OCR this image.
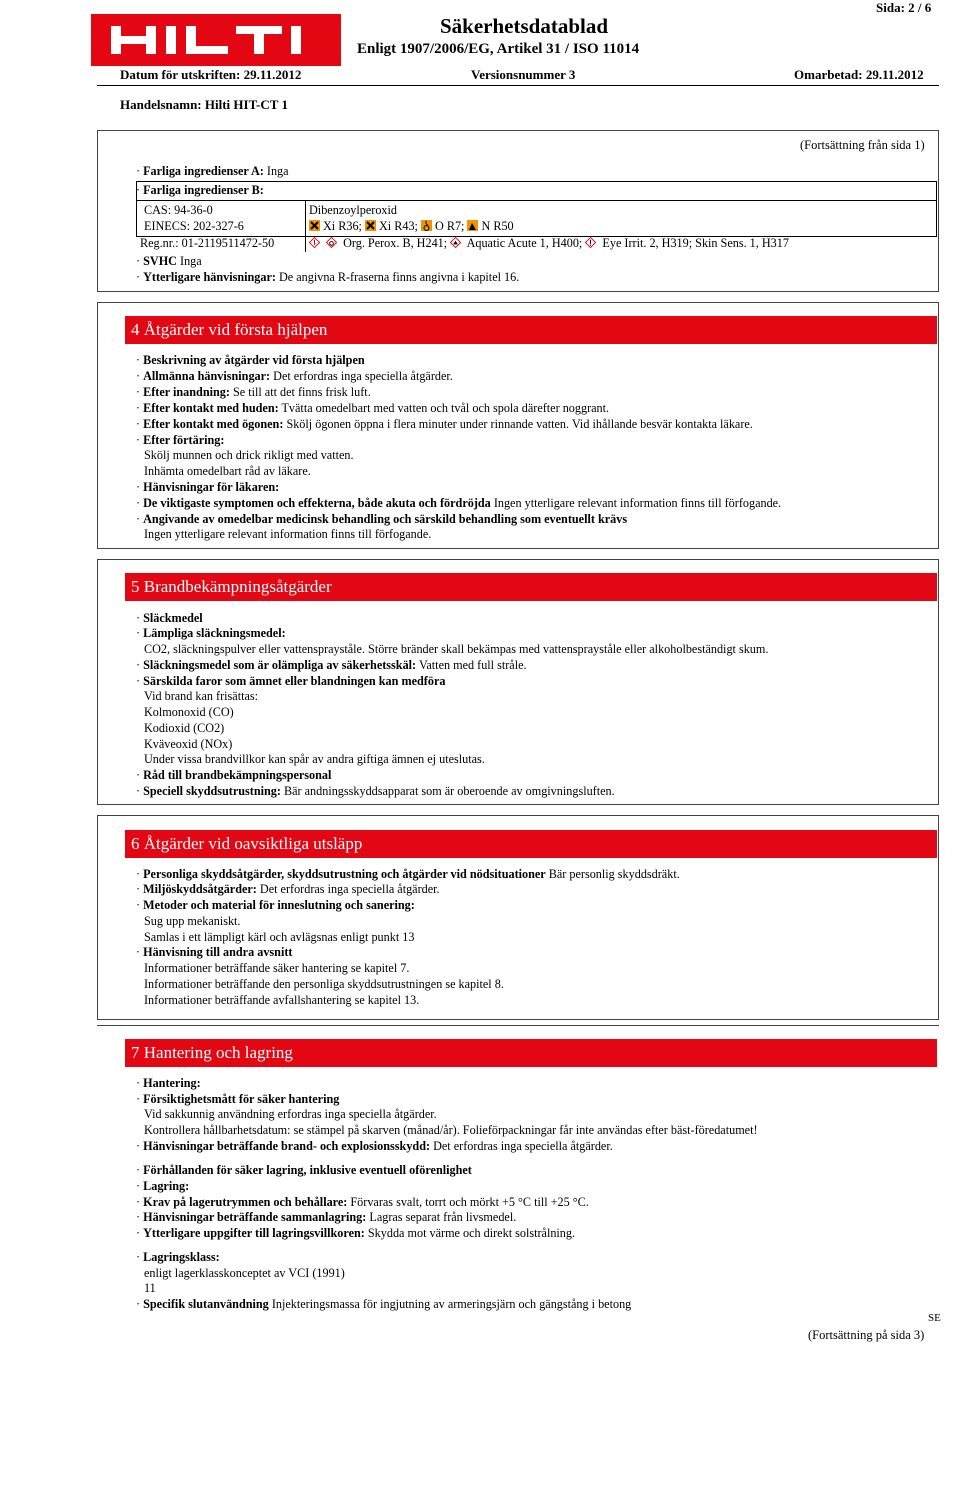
Sida: 2 / 6
Säkerhetsdatablad
Enligt 1907/2006/EG, Artikel 31 / ISO 11014
Datum för utskriften: 29.11.2012	Versionsnummer 3	Omarbetad: 29.11.2012
Handelsnamn: Hilti HIT-CT 1
(Fortsättning från sida 1)
· Farliga ingredienser A: Inga
· Farliga ingredienser B:
CAS: 94-36-0
EINECS: 202-327-6
Reg.nr.: 01-2119511472-50
Dibenzoylperoxid
Xi R36; Xi R43; O R7; N R50
Org. Perox. B, H241; Aquatic Acute 1, H400; Eye Irrit. 2, H319; Skin Sens. 1, H317
· SVHC Inga
· Ytterligare hänvisningar: De angivna R-fraserna finns angivna i kapitel 16.
4 Åtgärder vid första hjälpen
· Beskrivning av åtgärder vid första hjälpen
· Allmänna hänvisningar: Det erfordras inga speciella åtgärder.
· Efter inandning: Se till att det finns frisk luft.
· Efter kontakt med huden: Tvätta omedelbart med vatten och tvål och spola därefter noggrant.
· Efter kontakt med ögonen: Skölj ögonen öppna i flera minuter under rinnande vatten. Vid ihållande besvär kontakta läkare.
· Efter förtäring:
Skölj munnen och drick rikligt med vatten.
Inhämta omedelbart råd av läkare.
· Hänvisningar för läkaren:
· De viktigaste symptomen och effekterna, både akuta och fördröjda Ingen ytterligare relevant information finns till förfogande.
· Angivande av omedelbar medicinsk behandling och särskild behandling som eventuellt krävs
Ingen ytterligare relevant information finns till förfogande.
5 Brandbekämpningsåtgärder
· Släckmedel
· Lämpliga släckningsmedel:
CO2, släckningspulver eller vattensprayståle. Större bränder skall bekämpas med vattensprayståle eller alkoholbeständigt skum.
· Släckningsmedel som är olämpliga av säkerhetsskäl: Vatten med full stråle.
· Särskilda faror som ämnet eller blandningen kan medföra
Vid brand kan frisättas:
Kolmonoxid (CO)
Kodioxid (CO2)
Kväveoxid (NOx)
Under vissa brandvillkor kan spår av andra giftiga ämnen ej uteslutas.
· Råd till brandbekämpningspersonal
· Speciell skyddsutrustning: Bär andningsskyddsapparat som är oberoende av omgivningsluften.
6 Åtgärder vid oavsiktliga utsläpp
· Personliga skyddsåtgärder, skyddsutrustning och åtgärder vid nödsituationer Bär personlig skyddsdräkt.
· Miljöskyddsåtgärder: Det erfordras inga speciella åtgärder.
· Metoder och material för inneslutning och sanering:
Sug upp mekaniskt.
Samlas i ett lämpligt kärl och avlägsnas enligt punkt 13
· Hänvisning till andra avsnitt
Informationer beträffande säker hantering se kapitel 7.
Informationer beträffande den personliga skyddsutrustningen se kapitel 8.
Informationer beträffande avfallshantering se kapitel 13.
7 Hantering och lagring
· Hantering:
· Försiktighetsmått för säker hantering
Vid sakkunnig användning erfordras inga speciella åtgärder.
Kontrollera hållbarhetsdatum: se stämpel på skarven (månad/år). Folieförpackningar får inte användas efter bäst-föredatumet!
· Hänvisningar beträffande brand- och explosionsskydd: Det erfordras inga speciella åtgärder.
· Förhållanden för säker lagring, inklusive eventuell oförenlighet
· Lagring:
· Krav på lagerutrymmen och behållare: Förvaras svalt, torrt och mörkt +5 °C till +25 °C.
· Hänvisningar beträffande sammanlagring: Lagras separat från livsmedel.
· Ytterligare uppgifter till lagringsvillkoren: Skydda mot värme och direkt solstrålning.
· Lagringsklass:
enligt lagerklasskonceptet av VCI (1991)
11
· Specifik slutanvändning Injekteringsmassa för ingjutning av armeringsjärn och gängstång i betong
SE
(Fortsättning på sida 3)
